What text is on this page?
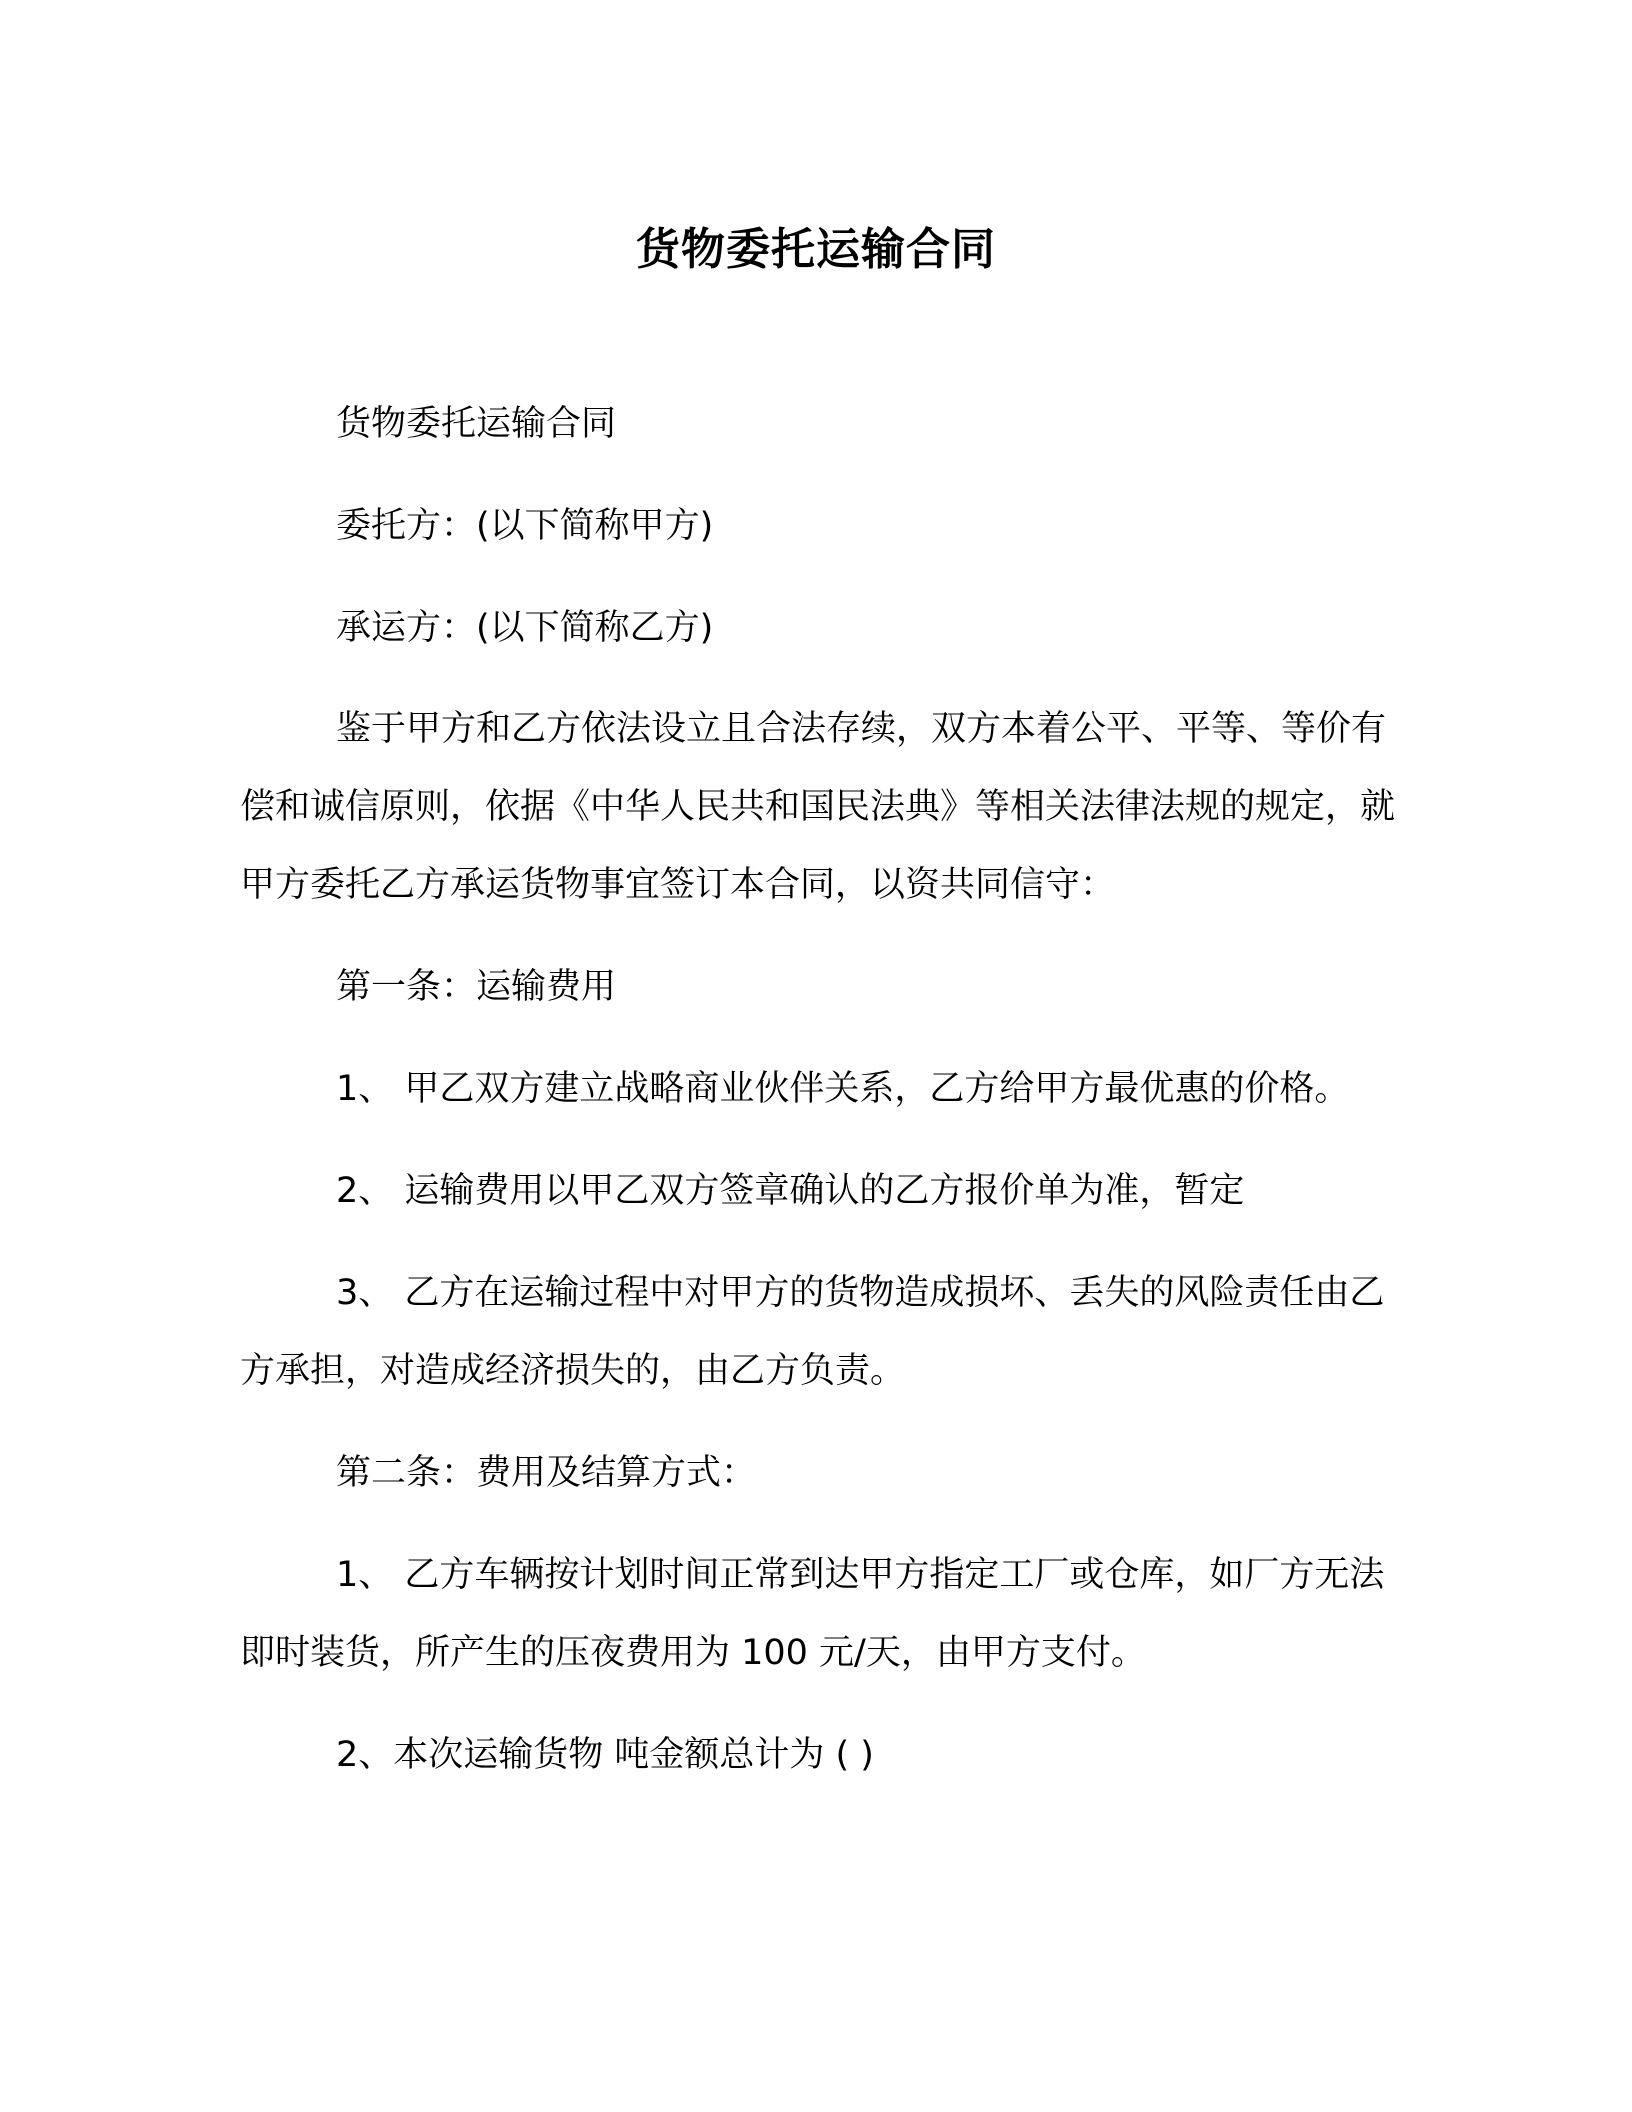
货物委托运输合同

货物委托运输合同

委托方：(以下简称甲方)

承运方：(以下简称乙方)

鉴于甲方和乙方依法设立且合法存续，双方本着公平、平等、等价有偿和诚信原则，依据《中华人民共和国民法典》等相关法律法规的规定，就甲方委托乙方承运货物事宜签订本合同，以资共同信守：

第一条：运输费用

1、 甲乙双方建立战略商业伙伴关系，乙方给甲方最优惠的价格。

2、 运输费用以甲乙双方签章确认的乙方报价单为准，暂定

3、 乙方在运输过程中对甲方的货物造成损坏、丢失的风险责任由乙方承担，对造成经济损失的，由乙方负责。

第二条：费用及结算方式：

1、 乙方车辆按计划时间正常到达甲方指定工厂或仓库，如厂方无法即时装货，所产生的压夜费用为 100 元/天，由甲方支付。

2、本次运输货物 吨金额总计为 ( )
